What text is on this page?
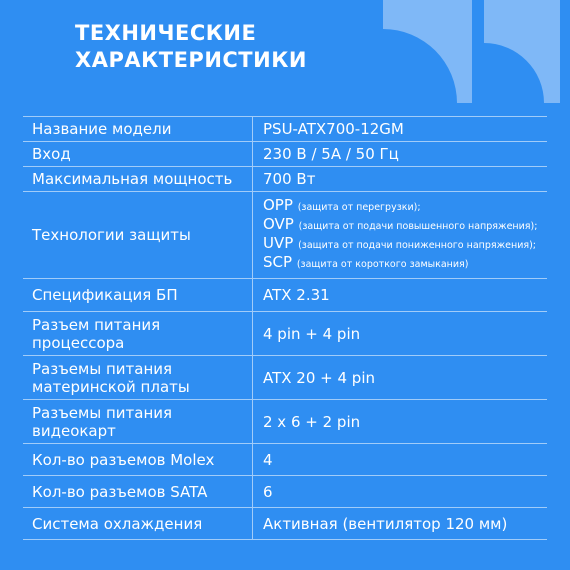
ТЕХНИЧЕСКИЕ
ХАРАКТЕРИСТИКИ
Название модели	PSU-ATX700-12GM
Вход	230 В / 5А / 50 Гц
Максимальная мощность	700 Вт
Технологии защиты	OPP (защита от перегрузки);
OVP (защита от подачи повышенного напряжения);
UVP (защита от подачи пониженного напряжения);
SCP (защита от короткого замыкания)

Спецификация БП	ATX 2.31

Разъем питания
процессора	4 pin + 4 pin

Разъемы питания
материнской платы	ATX 20 + 4 pin

Разъемы питания
видеокарт	2 x 6 + 2 pin
Кол-во разъемов Molex	4
Кол-во разъемов SATA	6
Система охлаждения	Активная (вентилятор 120 мм)
